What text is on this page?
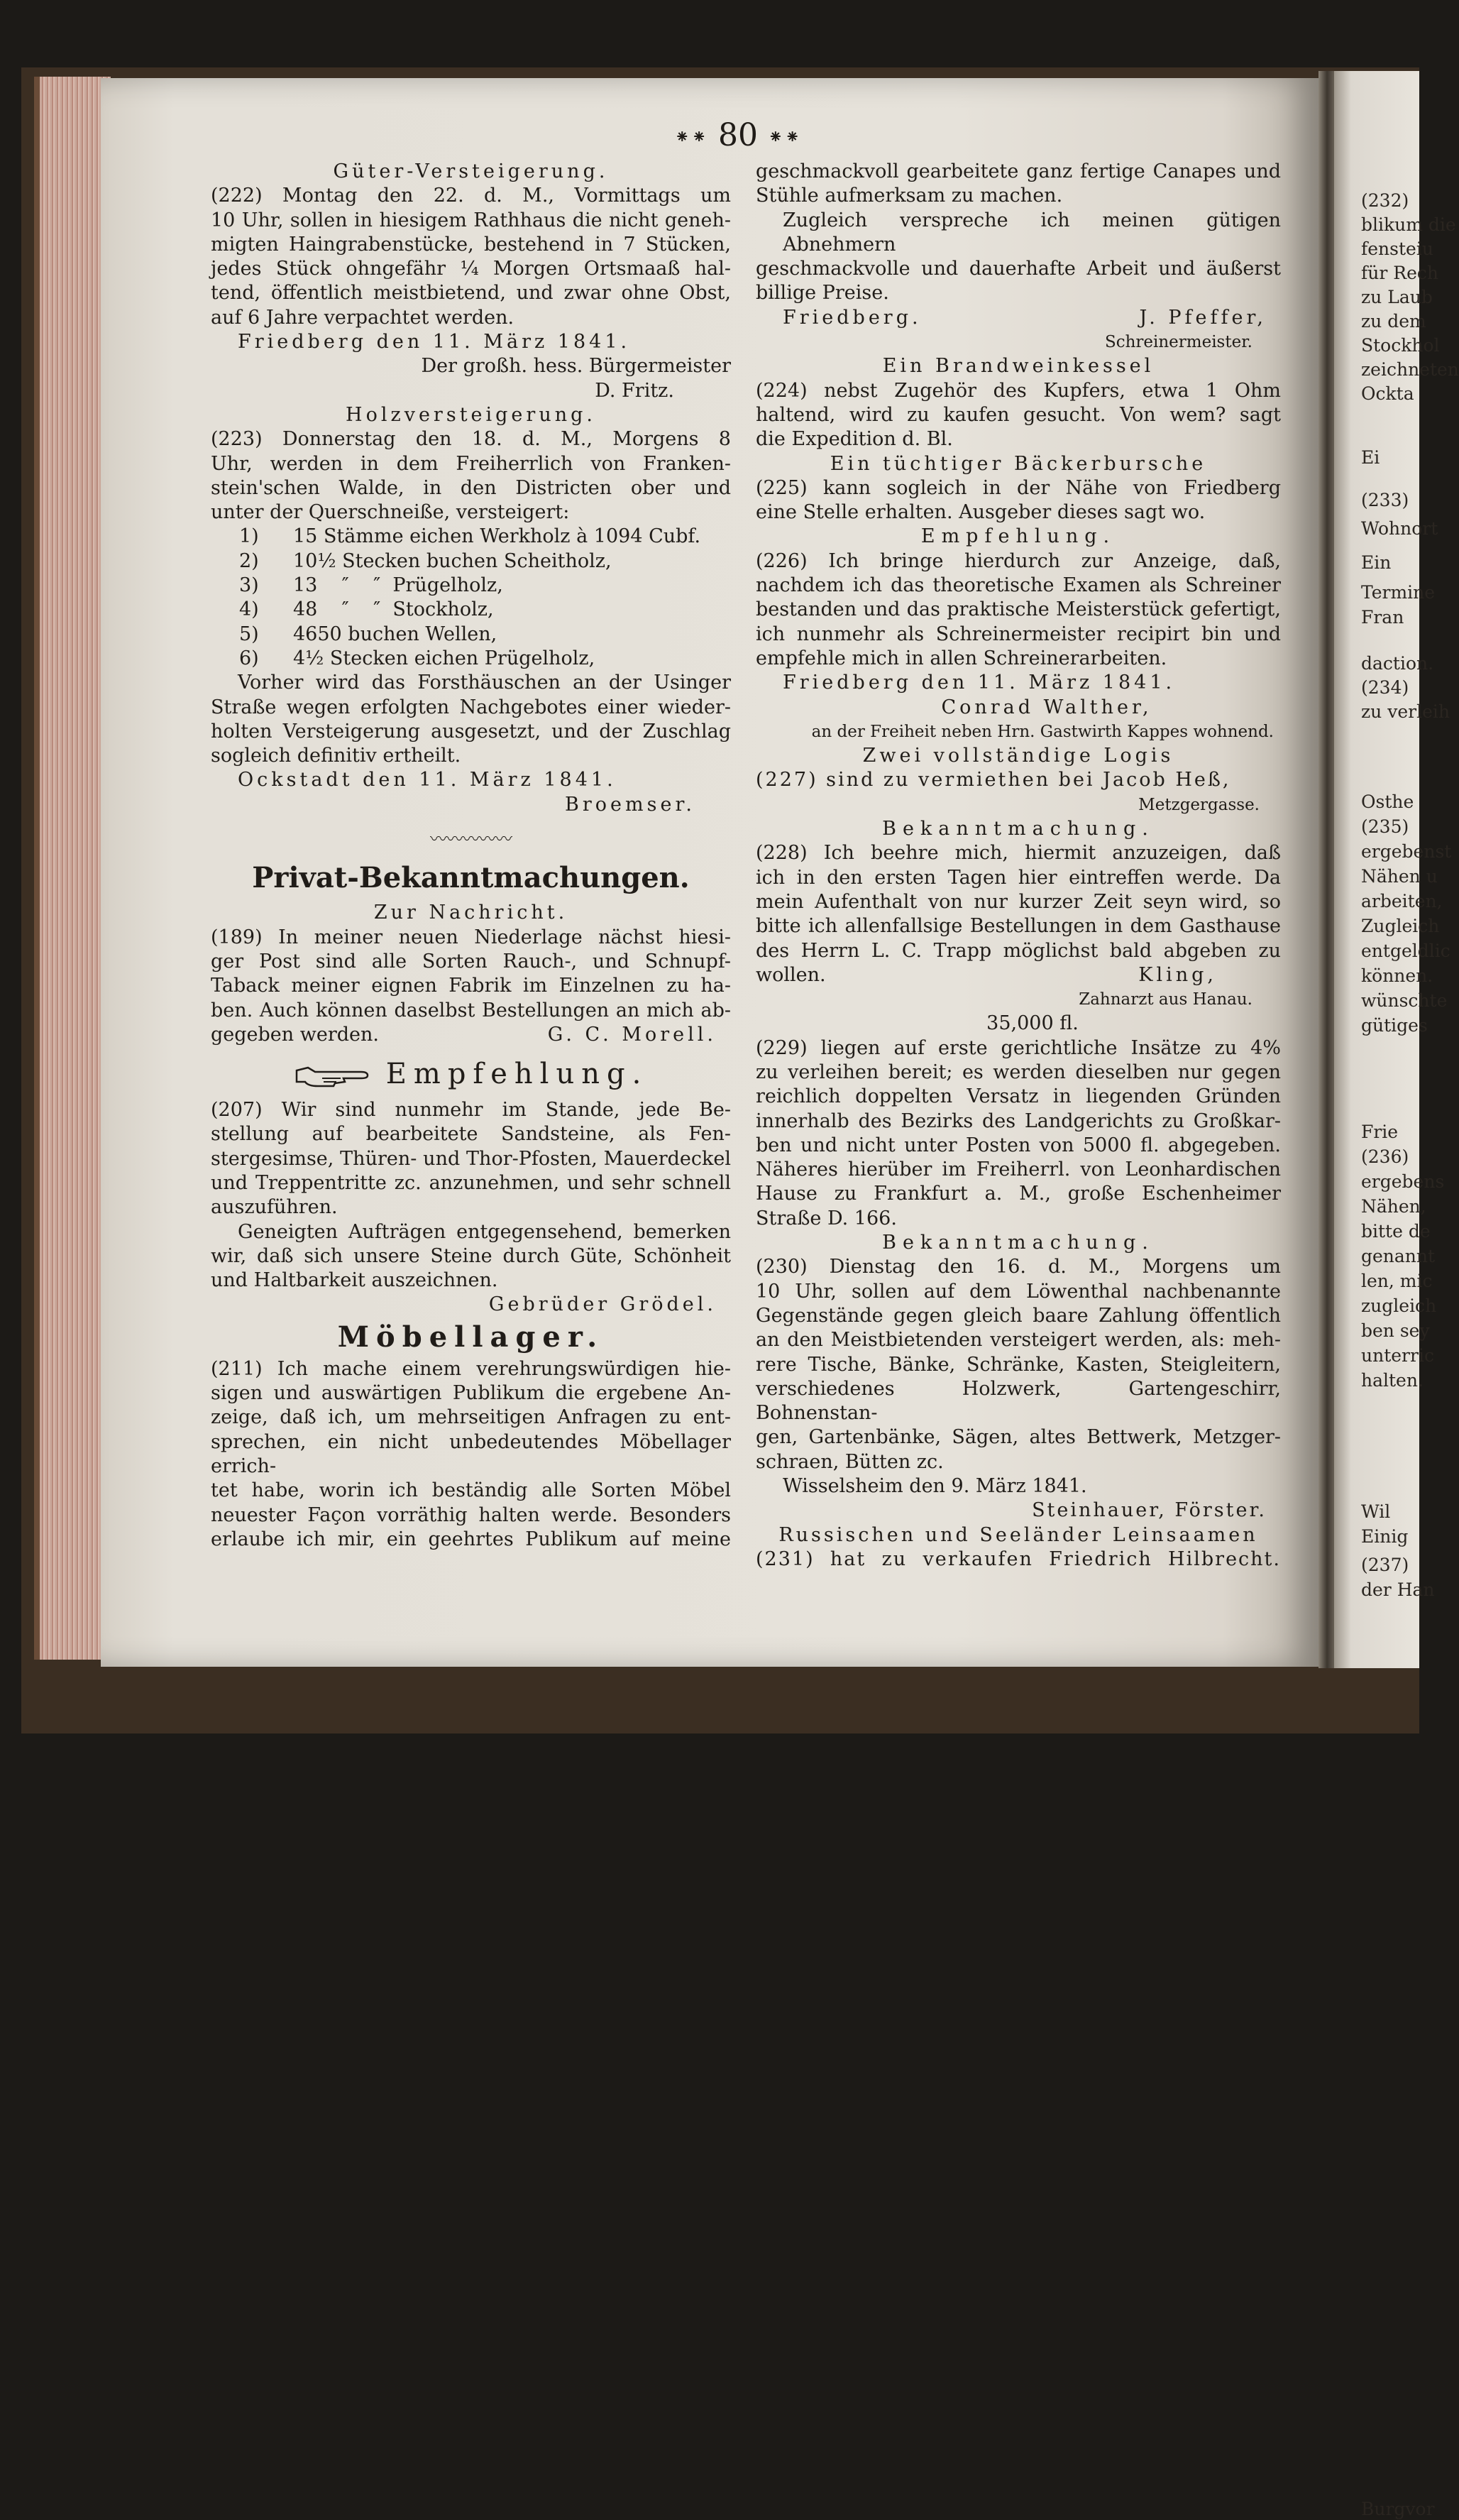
(232)
blikum die
fensteiu
für Rech
zu Laub
zu dem
Stockhol
zeichneten
Ockta
Ei
(233)
Wohnort
Ein
Termine
Fran
daction.
(234)
zu verleih
Osthe
(235)
ergebenst
Nähen u
arbeiten,
Zugleich
entgeldlic
können.
wünschte
gütiges
Frie
(236)
ergebens
Nähen,
bitte de
genannt
len, mic
zugleich
ben sey
unterric
halten.
Wil
Einig
(237)
der Han
Burgvor
⁕⁕ 80 ⁕⁕

Güter-Versteigerung.

(222) Montag den 22. d. M., Vormittags um

10 Uhr, sollen in hiesigem Rathhaus die nicht geneh-

migten Haingrabenstücke, bestehend in 7 Stücken,

jedes Stück ohngefähr ¼ Morgen Ortsmaaß hal-

tend, öffentlich meistbietend, und zwar ohne Obst,

auf 6 Jahre verpachtet werden.

Friedberg den 11. März 1841.

Der großh. hess. Bürgermeister

D. Fritz.

Holzversteigerung.

(223) Donnerstag den 18. d. M., Morgens 8

Uhr, werden in dem Freiherrlich von Franken-

stein'schen Walde, in den Districten ober und

unter der Querschneiße, versteigert:

1) 15 Stämme eichen Werkholz à 1094 Cubf.

2) 10½ Stecken buchen Scheitholz,

3) 13    ″    ″  Prügelholz,

4) 48    ″    ″  Stockholz,

5) 4650 buchen Wellen,

6) 4½ Stecken eichen Prügelholz,

Vorher wird das Forsthäuschen an der Usinger

Straße wegen erfolgten Nachgebotes einer wieder-

holten Versteigerung ausgesetzt, und der Zuschlag

sogleich definitiv ertheilt.

Ockstadt den 11. März 1841.

Broemser.

〰〰〰〰〰

Privat-Bekanntmachungen.

Zur Nachricht.

(189) In meiner neuen Niederlage nächst hiesi-

ger Post sind alle Sorten Rauch-, und Schnupf-

Taback meiner eignen Fabrik im Einzelnen zu ha-

ben. Auch können daselbst Bestellungen an mich ab-

gegeben werden.	G. C. Morell.

Empfehlung.

(207) Wir sind nunmehr im Stande, jede Be-

stellung auf bearbeitete Sandsteine, als Fen-

stergesimse, Thüren- und Thor-Pfosten, Mauerdeckel

und Treppentritte zc. anzunehmen, und sehr schnell

auszuführen.

Geneigten Aufträgen entgegensehend, bemerken

wir, daß sich unsere Steine durch Güte, Schönheit

und Haltbarkeit auszeichnen.

Gebrüder Grödel.

Möbellager.

(211) Ich mache einem verehrungswürdigen hie-

sigen und auswärtigen Publikum die ergebene An-

zeige, daß ich, um mehrseitigen Anfragen zu ent-

sprechen, ein nicht unbedeutendes Möbellager errich-

tet habe, worin ich beständig alle Sorten Möbel

neuester Façon vorräthig halten werde. Besonders

erlaube ich mir, ein geehrtes Publikum auf meine

geschmackvoll gearbeitete ganz fertige Canapes und

Stühle aufmerksam zu machen.

Zugleich verspreche ich meinen gütigen Abnehmern

geschmackvolle und dauerhafte Arbeit und äußerst

billige Preise.

Friedberg.	J. Pfeffer,

Schreinermeister.

Ein Brandweinkessel

(224) nebst Zugehör des Kupfers, etwa 1 Ohm

haltend, wird zu kaufen gesucht. Von wem? sagt

die Expedition d. Bl.

Ein tüchtiger Bäckerbursche

(225) kann sogleich in der Nähe von Friedberg

eine Stelle erhalten. Ausgeber dieses sagt wo.

Empfehlung.

(226) Ich bringe hierdurch zur Anzeige, daß,

nachdem ich das theoretische Examen als Schreiner

bestanden und das praktische Meisterstück gefertigt,

ich nunmehr als Schreinermeister recipirt bin und

empfehle mich in allen Schreinerarbeiten.

Friedberg den 11. März 1841.

Conrad Walther,

an der Freiheit neben Hrn. Gastwirth Kappes wohnend.

Zwei vollständige Logis

(227) sind zu vermiethen bei Jacob Heß,

Metzgergasse.

Bekanntmachung.

(228) Ich beehre mich, hiermit anzuzeigen, daß

ich in den ersten Tagen hier eintreffen werde. Da

mein Aufenthalt von nur kurzer Zeit seyn wird, so

bitte ich allenfallsige Bestellungen in dem Gasthause

des Herrn L. C. Trapp möglichst bald abgeben zu

wollen.	Kling,

Zahnarzt aus Hanau.

35,000 fl.

(229) liegen auf erste gerichtliche Insätze zu 4%

zu verleihen bereit; es werden dieselben nur gegen

reichlich doppelten Versatz in liegenden Gründen

innerhalb des Bezirks des Landgerichts zu Großkar-

ben und nicht unter Posten von 5000 fl. abgegeben.

Näheres hierüber im Freiherrl. von Leonhardischen

Hause zu Frankfurt a. M., große Eschenheimer

Straße D. 166.

Bekanntmachung.

(230) Dienstag den 16. d. M., Morgens um

10 Uhr, sollen auf dem Löwenthal nachbenannte

Gegenstände gegen gleich baare Zahlung öffentlich

an den Meistbietenden versteigert werden, als: meh-

rere Tische, Bänke, Schränke, Kasten, Steigleitern,

verschiedenes Holzwerk, Gartengeschirr, Bohnenstan-

gen, Gartenbänke, Sägen, altes Bettwerk, Metzger-

schraen, Bütten zc.

Wisselsheim den 9. März 1841.

Steinhauer, Förster.

Russischen und Seeländer Leinsaamen

(231) hat zu verkaufen Friedrich Hilbrecht.
